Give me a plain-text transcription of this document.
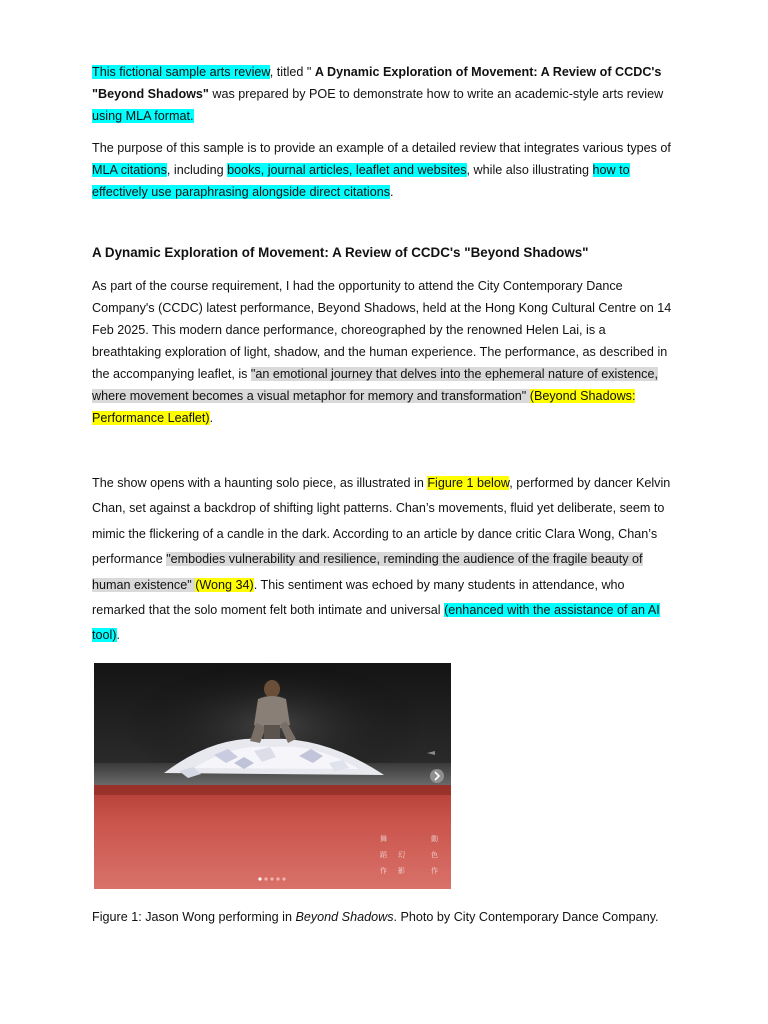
This fictional sample arts review, titled " A Dynamic Exploration of Movement: A Review of CCDC's "Beyond Shadows" was prepared by POE to demonstrate how to write an academic-style arts review using MLA format.

The purpose of this sample is to provide an example of a detailed review that integrates various types of MLA citations, including books, journal articles, leaflet and websites, while also illustrating how to effectively use paraphrasing alongside direct citations.

A Dynamic Exploration of Movement: A Review of CCDC's "Beyond Shadows"

As part of the course requirement, I had the opportunity to attend the City Contemporary Dance Company's (CCDC) latest performance, Beyond Shadows, held at the Hong Kong Cultural Centre on 14 Feb 2025. This modern dance performance, choreographed by the renowned Helen Lai, is a breathtaking exploration of light, shadow, and the human experience. The performance, as described in the accompanying leaflet, is "an emotional journey that delves into the ephemeral nature of existence, where movement becomes a visual metaphor for memory and transformation" (Beyond Shadows: Performance Leaflet).

The show opens with a haunting solo piece, as illustrated in Figure 1 below, performed by dancer Kelvin Chan, set against a backdrop of shifting light patterns. Chan’s movements, fluid yet deliberate, seem to mimic the flickering of a candle in the dark. According to an article by dance critic Clara Wong, Chan’s performance "embodies vulnerability and resilience, reminding the audience of the fragile beauty of human existence" (Wong 34). This sentiment was echoed by many students in attendance, who remarked that the solo moment felt both intimate and universal (enhanced with the assistance of an AI tool).

舞
蹈
作
幻
影
動
色
作

Figure 1: Jason Wong performing in Beyond Shadows. Photo by City Contemporary Dance Company.
